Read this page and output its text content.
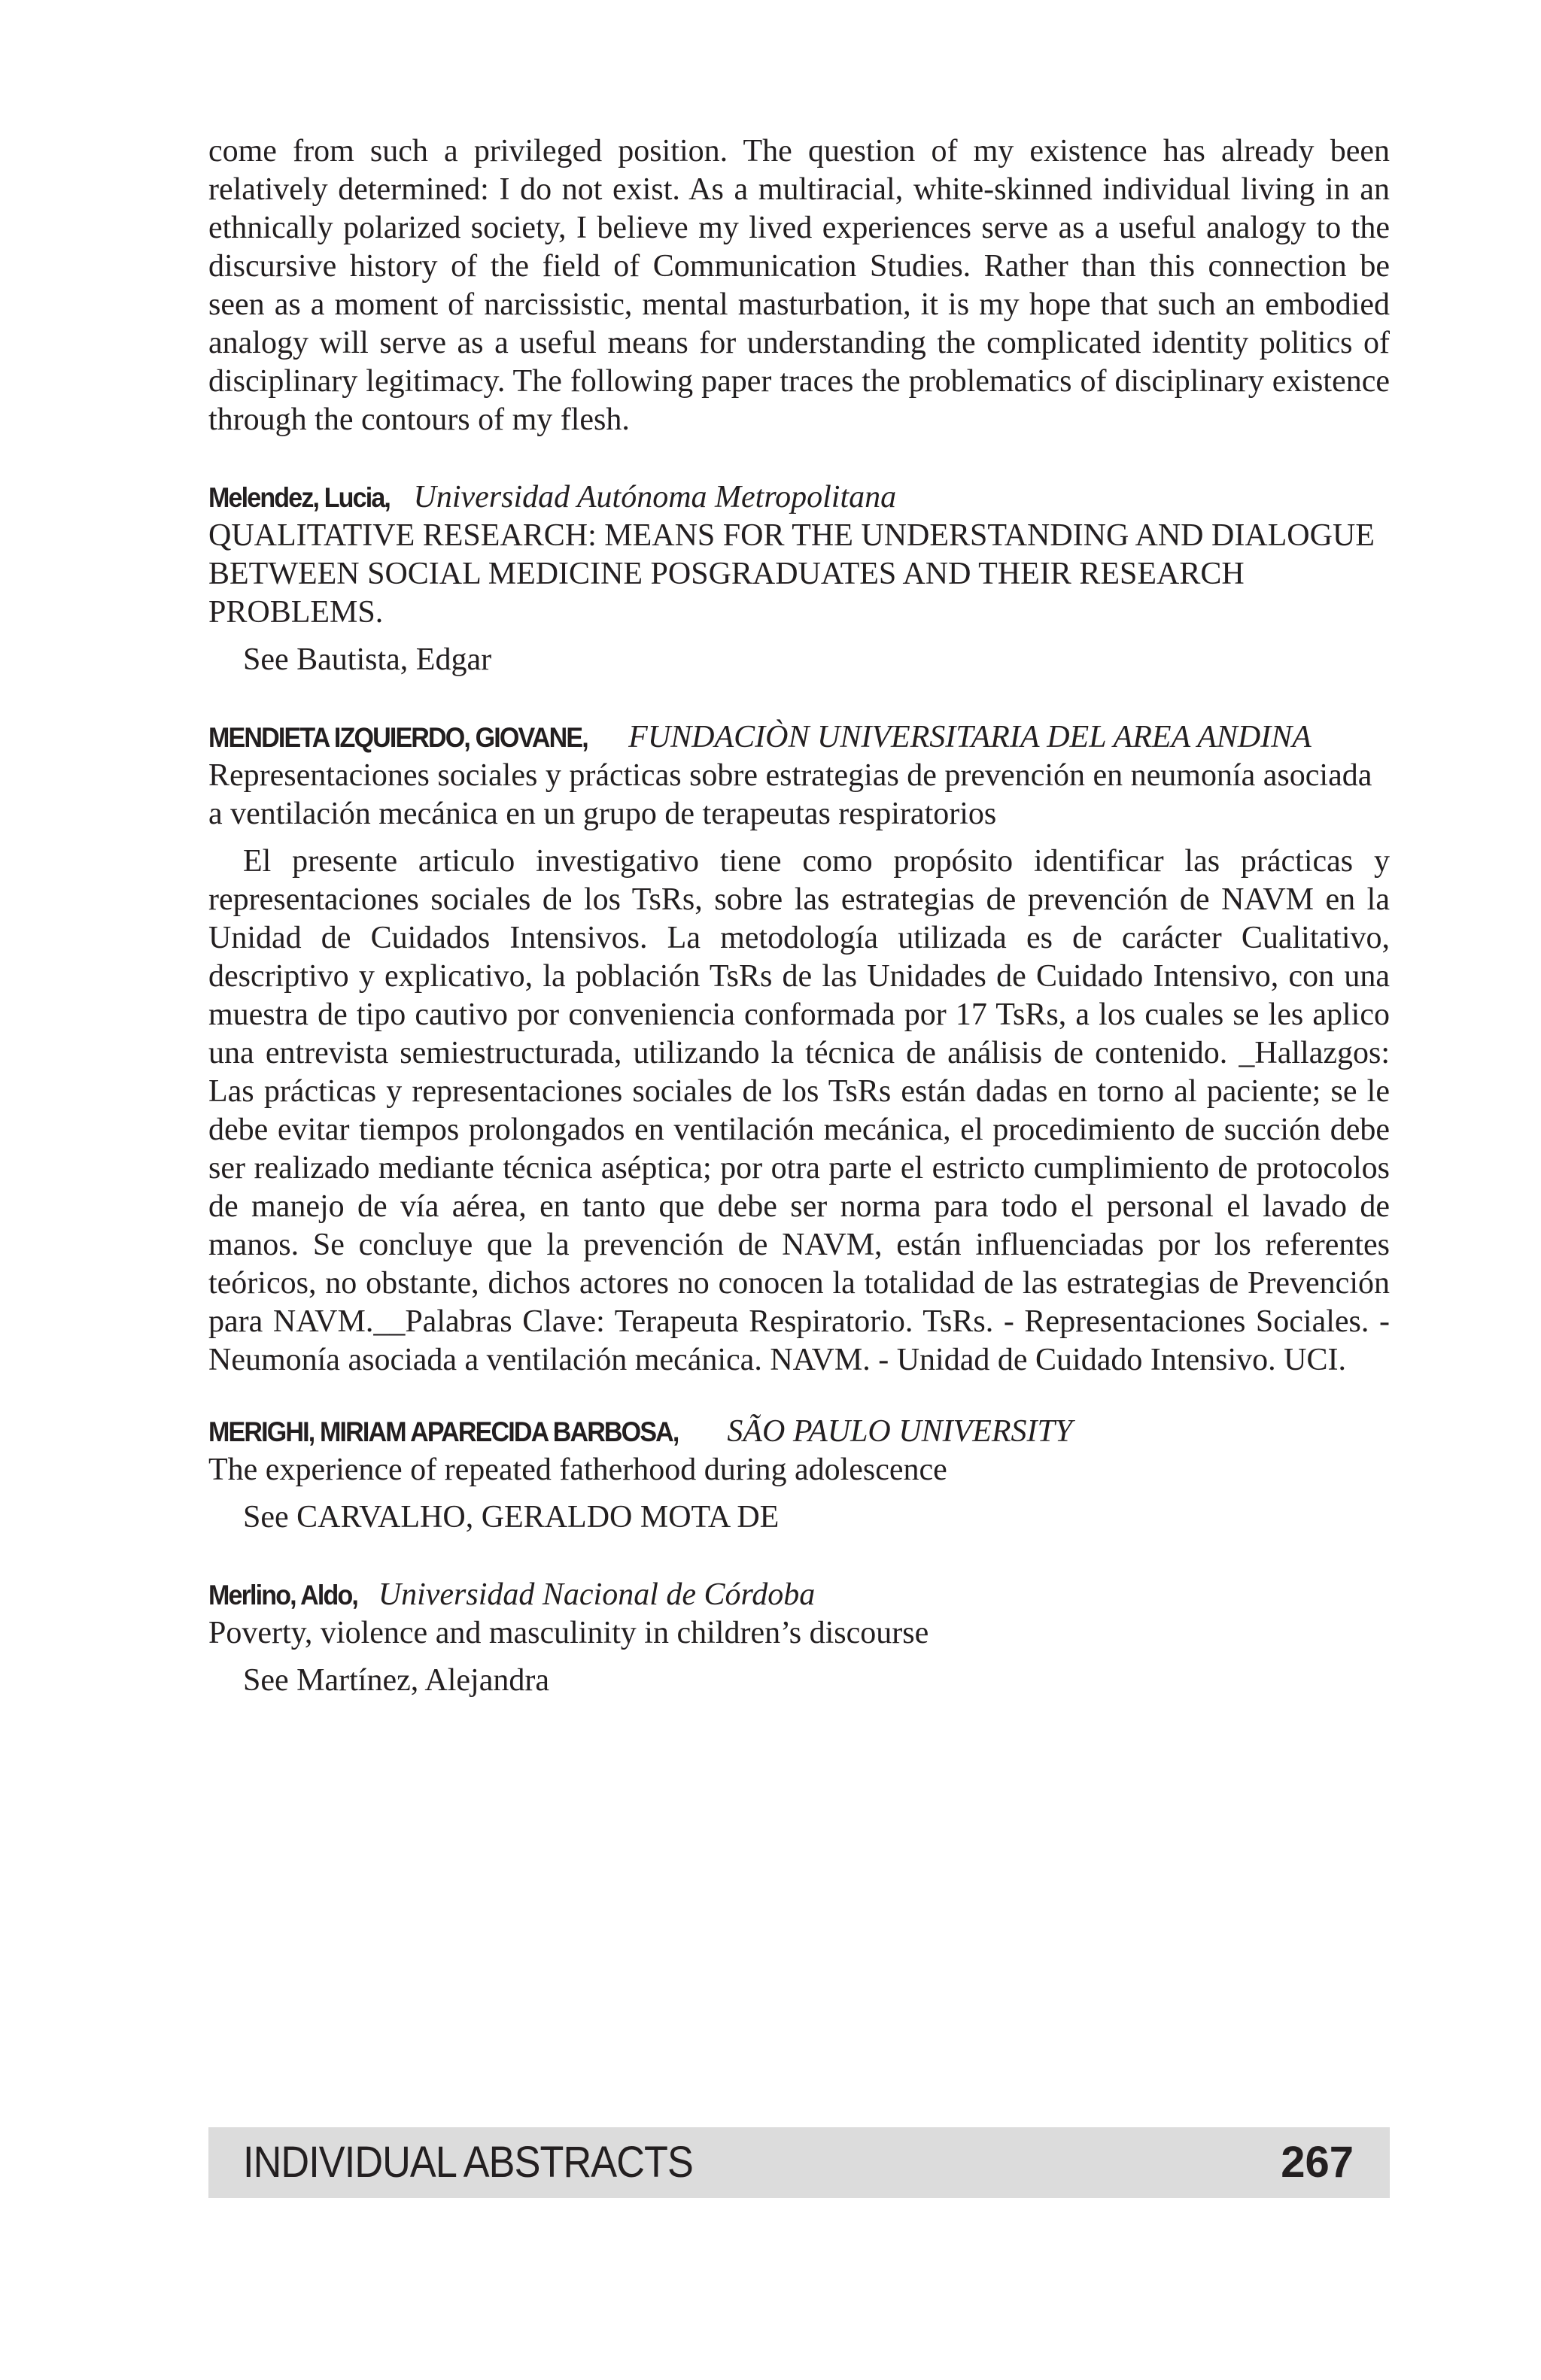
come from such a privileged position. The question of my existence has already been relatively determined: I do not exist. As a multiracial, white-skinned individual living in an ethnically polarized society, I believe my lived experiences serve as a useful analogy to the discursive history of the field of Communication Studies. Rather than this connection be seen as a moment of narcissistic, mental masturbation, it is my hope that such an embodied analogy will serve as a useful means for understanding the complicated identity politics of disciplinary legitimacy. The following paper traces the problematics of disciplinary existence through the contours of my flesh.

Melendez, Lucia, Universidad Autónoma Metropolitana

QUALITATIVE RESEARCH: MEANS FOR THE UNDERSTANDING AND DIALOGUE BETWEEN SOCIAL MEDICINE POSGRADUATES AND THEIR RESEARCH PROBLEMS.

See Bautista, Edgar

MENDIETA IZQUIERDO, GIOVANE, FUNDACIÒN UNIVERSITARIA DEL AREA ANDINA

Representaciones sociales y prácticas sobre estrategias de prevención en neumonía asociada a ventilación mecánica en un grupo de terapeutas respiratorios

El presente articulo investigativo tiene como propósito identificar las prácticas y representaciones sociales de los TsRs, sobre las estrategias de prevención de NAVM en la Unidad de Cuidados Intensivos. La metodología utilizada es de carácter Cualitativo, descriptivo y explicativo, la población TsRs de las Unidades de Cuidado Intensivo, con una muestra de tipo cautivo por conveniencia conformada por 17 TsRs, a los cuales se les aplico una entrevista semiestructurada, utilizando la técnica de análisis de contenido. _Hallazgos: Las prácticas y representaciones sociales de los TsRs están dadas en torno al paciente; se le debe evitar tiempos prolongados en ventilación mecánica, el procedimiento de succión debe ser realizado mediante técnica aséptica; por otra parte el estricto cumplimiento de protocolos de manejo de vía aérea, en tanto que debe ser norma para todo el personal el lavado de manos. Se concluye que la prevención de NAVM, están influenciadas por los referentes teóricos, no obstante, dichos actores no conocen la totalidad de las estrategias de Prevención para NAVM.__Palabras Clave: Terapeuta Respiratorio. TsRs. - Representaciones Sociales. - Neumonía asociada a ventilación mecánica. NAVM. - Unidad de Cuidado Intensivo. UCI.

MERIGHI, MIRIAM APARECIDA BARBOSA, SÃO PAULO UNIVERSITY

The experience of repeated fatherhood during adolescence

See CARVALHO, GERALDO MOTA DE

Merlino, Aldo, Universidad Nacional de Córdoba

Poverty, violence and masculinity in children’s discourse

See Martínez, Alejandra

INDIVIDUAL ABSTRACTS	267
